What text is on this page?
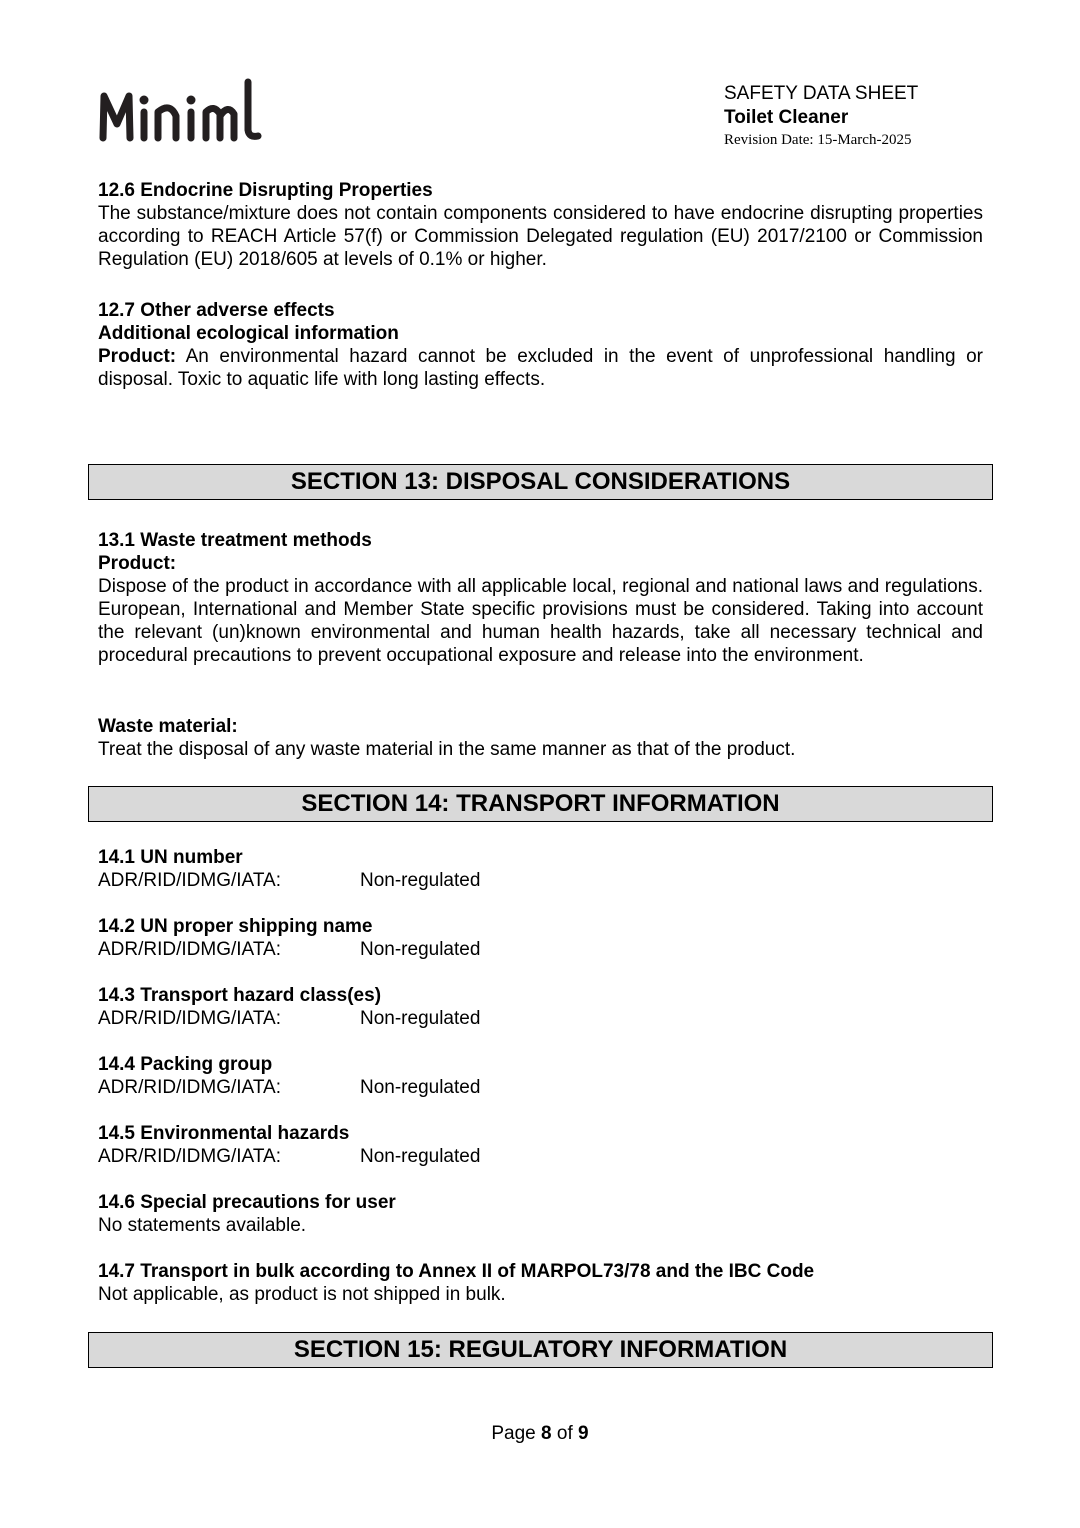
SAFETY DATA SHEET
Toilet Cleaner
Revision Date: 15-March-2025
12.6 Endocrine Disrupting Properties
The substance/mixture does not contain components considered to have endocrine disrupting properties according to REACH Article 57(f) or Commission Delegated regulation (EU) 2017/2100 or Commission Regulation (EU) 2018/605 at levels of 0.1% or higher.
12.7 Other adverse effects
Additional ecological information
Product: An environmental hazard cannot be excluded in the event of unprofessional handling or disposal. Toxic to aquatic life with long lasting effects.
SECTION 13: DISPOSAL CONSIDERATIONS
13.1 Waste treatment methods
Product:
Dispose of the product in accordance with all applicable local, regional and national laws and regulations. European, International and Member State specific provisions must be considered. Taking into account the relevant (un)known environmental and human health hazards, take all necessary technical and procedural precautions to prevent occupational exposure and release into the environment.
Waste material:
Treat the disposal of any waste material in the same manner as that of the product.
SECTION 14: TRANSPORT INFORMATION
14.1 UN number
ADR/RID/IDMG/IATA:	Non-regulated
14.2 UN proper shipping name
ADR/RID/IDMG/IATA:	Non-regulated
14.3 Transport hazard class(es)
ADR/RID/IDMG/IATA:	Non-regulated
14.4 Packing group
ADR/RID/IDMG/IATA:	Non-regulated
14.5 Environmental hazards
ADR/RID/IDMG/IATA:	Non-regulated
14.6 Special precautions for user
No statements available.
14.7 Transport in bulk according to Annex II of MARPOL73/78 and the IBC Code
Not applicable, as product is not shipped in bulk.
SECTION 15: REGULATORY INFORMATION
Page 8 of 9
